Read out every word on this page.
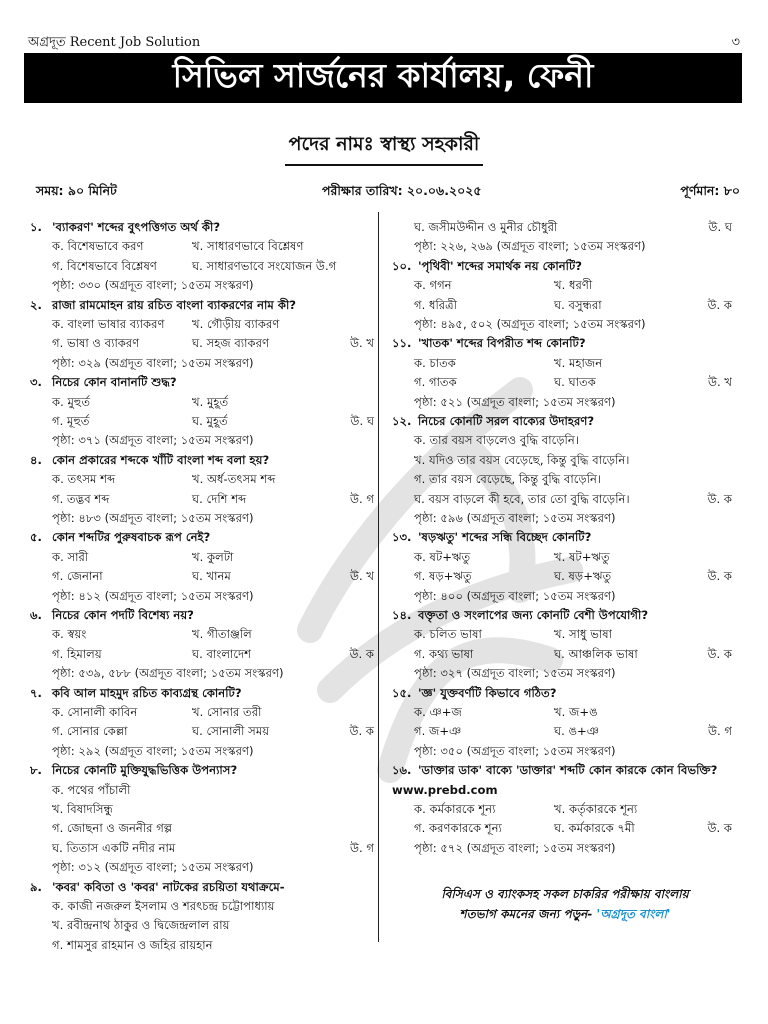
অগ্রদূত Recent Job Solution	৩
সিভিল সার্জনের কার্যালয়, ফেনী
পদের নামঃ স্বাস্থ্য সহকারী
সময়: ৯০ মিনিট	পরীক্ষার তারিখ: ২০.০৬.২০২৫	পূর্ণমান: ৮০
১. 'ব্যাকরণ' শব্দের বুৎপত্তিগত অর্থ কী?
ক. বিশেষভাবে করণ	খ. সাধারণভাবে বিশ্লেষণ
গ. বিশেষভাবে বিশ্লেষণ	ঘ. সাধারণভাবে সংযোজন উ.গ
পৃষ্ঠা: ৩৩০ (অগ্রদূত বাংলা; ১৫তম সংস্করণ)
২. রাজা রামমোহন রায় রচিত বাংলা ব্যাকরণের নাম কী?
ক. বাংলা ভাষার ব্যাকরণ খ. গৌড়ীয় ব্যাকরণ
গ. ভাষা ও ব্যাকরণ	ঘ. সহজ ব্যাকরণ	উ. খ
পৃষ্ঠা: ৩২৯ (অগ্রদূত বাংলা; ১৫তম সংস্করণ)
৩. নিচের কোন বানানটি শুদ্ধ?
ক. মুহুর্ত	খ. মুহূর্ত
গ. মূহুর্ত	ঘ. মুহূর্ত	উ. ঘ
পৃষ্ঠা: ৩৭১ (অগ্রদূত বাংলা; ১৫তম সংস্করণ)
৪. কোন প্রকারের শব্দকে খাঁটি বাংলা শব্দ বলা হয়?
ক. তৎসম শব্দ	খ. অর্ধ-তৎসম শব্দ
গ. তদ্ভব শব্দ	ঘ. দেশি শব্দ	উ. গ
পৃষ্ঠা: ৪৮৩ (অগ্রদূত বাংলা; ১৫তম সংস্করণ)
৫. কোন শব্দটির পুরুষবাচক রূপ নেই?
ক. সারী	খ. কুলটা
গ. জেনানা	ঘ. খানম	উ. খ
পৃষ্ঠা: ৪১২ (অগ্রদূত বাংলা; ১৫তম সংস্করণ)
৬. নিচের কোন পদটি বিশেষ্য নয়?
ক. স্বয়ং	খ. গীতাঞ্জলি
গ. হিমালয়	ঘ. বাংলাদেশ	উ. ক
পৃষ্ঠা: ৫৩৯, ৫৮৮ (অগ্রদূত বাংলা; ১৫তম সংস্করণ)
৭. কবি আল মাহমুদ রচিত কাব্যগ্রন্থ কোনটি?
ক. সোনালী কাবিন	খ. সোনার তরী
গ. সোনার কেল্লা	ঘ. সোনালী সময়	উ. ক
পৃষ্ঠা: ২৯২ (অগ্রদূত বাংলা; ১৫তম সংস্করণ)
৮. নিচের কোনটি মুক্তিযুদ্ধভিত্তিক উপন্যাস?
ক. পথের পাঁচালী
খ. বিষাদসিন্ধু
গ. জোছনা ও জননীর গল্প
ঘ. তিতাস একটি নদীর নাম	উ. গ
পৃষ্ঠা: ৩১২ (অগ্রদূত বাংলা; ১৫তম সংস্করণ)
৯. 'কবর' কবিতা ও 'কবর' নাটকের রচয়িতা যথাক্রমে-
ক. কাজী নজরুল ইসলাম ও শরৎচন্দ্র চট্টোপাধ্যায়
খ. রবীন্দ্রনাথ ঠাকুর ও দ্বিজেন্দ্রলাল রায়
গ. শামসুর রাহমান ও জহির রায়হান
ঘ. জসীমউদ্দীন ও মুনীর চৌধুরী	উ. ঘ
পৃষ্ঠা: ২২৬, ২৬৯ (অগ্রদূত বাংলা; ১৫তম সংস্করণ)
১০. 'পৃথিবী' শব্দের সমার্থক নয় কোনটি?
ক. গগন	খ. ধরণী
গ. ধরিত্রী	ঘ. বসুন্ধরা	উ. ক
পৃষ্ঠা: ৪৯৫, ৫০২ (অগ্রদূত বাংলা; ১৫তম সংস্করণ)
১১. 'খাতক' শব্দের বিপরীত শব্দ কোনটি?
ক. চাতক	খ. মহাজন
গ. গাতক	ঘ. ঘাতক	উ. খ
পৃষ্ঠা: ৫২১ (অগ্রদূত বাংলা; ১৫তম সংস্করণ)
১২. নিচের কোনটি সরল বাক্যের উদাহরণ?
ক. তার বয়স বাড়লেও বুদ্ধি বাড়েনি।
খ. যদিও তার বয়স বেড়েছে, কিন্তু বুদ্ধি বাড়েনি।
গ. তার বয়স বেড়েছে, কিন্তু বুদ্ধি বাড়েনি।
ঘ. বয়স বাড়লে কী হবে, তার তো বুদ্ধি বাড়েনি।	উ. ক
পৃষ্ঠা: ৫৯৬ (অগ্রদূত বাংলা; ১৫তম সংস্করণ)
১৩. 'ষড়ঋতু' শব্দের সন্ধি বিচ্ছেদ কোনটি?
ক. ষট+ঋতু	খ. ষট+ঋতু
গ. ষড়+ঋতু	ঘ. ষড়+ঋতু	উ. ক
পৃষ্ঠা: ৪০০ (অগ্রদূত বাংলা; ১৫তম সংস্করণ)
১৪. বক্তৃতা ও সংলাপের জন্য কোনটি বেশী উপযোগী?
ক. চলিত ভাষা	খ. সাধু ভাষা
গ. কথ্য ভাষা	ঘ. আঞ্চলিক ভাষা	উ. ক
পৃষ্ঠা: ৩২৭ (অগ্রদূত বাংলা; ১৫তম সংস্করণ)
১৫. 'জ্ঞ' যুক্তবর্ণটি কিভাবে গঠিত?
ক. ঞ+জ	খ. জ+ঙ
গ. জ+ঞ	ঘ. ঙ+ঞ	উ. গ
পৃষ্ঠা: ৩৫০ (অগ্রদূত বাংলা; ১৫তম সংস্করণ)
১৬. 'ডাক্তার ডাক' বাক্যে 'ডাক্তার' শব্দটি কোন কারকে কোন বিভক্তি? www.prebd.com
ক. কর্মকারকে শূন্য	খ. কর্তৃকারকে শূন্য
গ. করণকারকে শূন্য	ঘ. কর্মকারকে ৭মী	উ. ক
পৃষ্ঠা: ৫৭২ (অগ্রদূত বাংলা; ১৫তম সংস্করণ)
বিসিএস ও ব্যাংকসহ সকল চাকরির পরীক্ষায় বাংলায়
শতভাগ কমনের জন্য পড়ুন- 'অগ্রদূত বাংলা'
